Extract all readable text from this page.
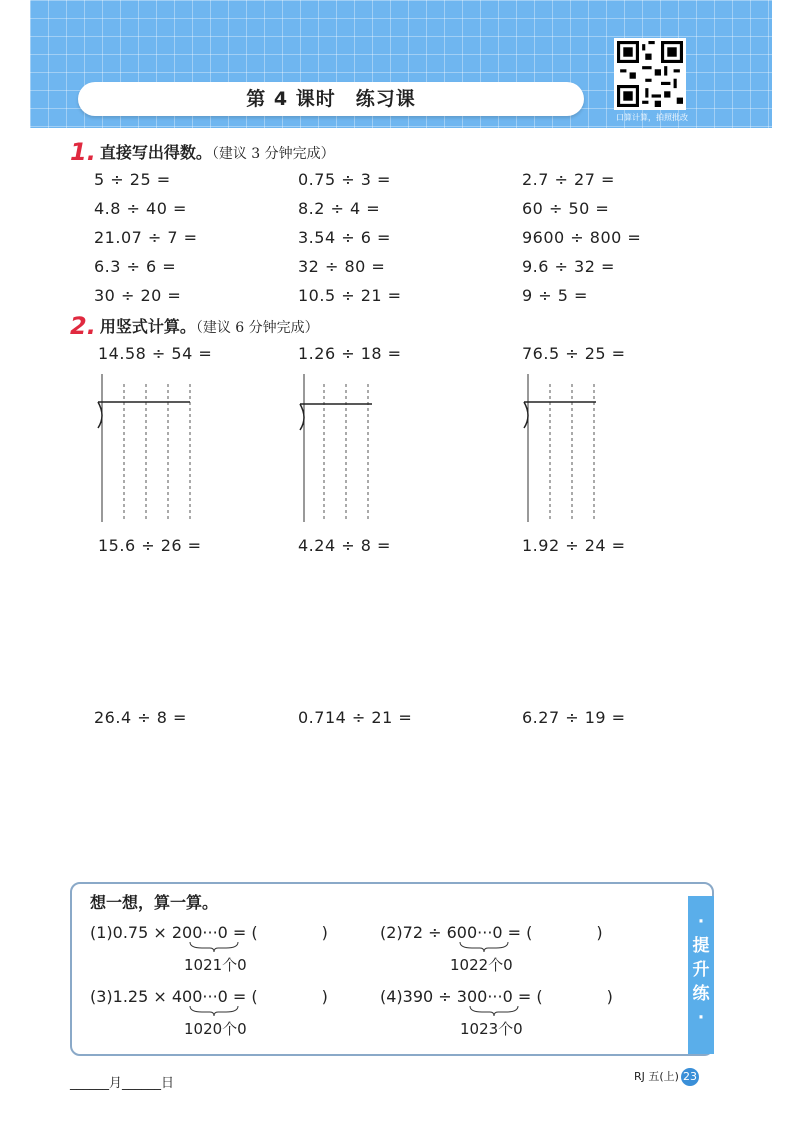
第 4 课时　练习课
口算计算，拍照批改
1. 直接写出得数。（建议 3 分钟完成）
5 ÷ 25 =	0.75 ÷ 3 =	2.7 ÷ 27 =
4.8 ÷ 40 =	8.2 ÷ 4 =	60 ÷ 50 =
21.07 ÷ 7 =	3.54 ÷ 6 =	9600 ÷ 800 =
6.3 ÷ 6 =	32 ÷ 80 =	9.6 ÷ 32 =
30 ÷ 20 =	10.5 ÷ 21 =	9 ÷ 5 =
2. 用竖式计算。（建议 6 分钟完成）
14.58 ÷ 54 =	1.26 ÷ 18 =	76.5 ÷ 25 =
15.6 ÷ 26 =	4.24 ÷ 8 =	1.92 ÷ 24 =
26.4 ÷ 8 =	0.714 ÷ 21 =	6.27 ÷ 19 =
想一想，算一算。
(1)0.75 × 200···0 = (　　　　)
1021个0
(2)72 ÷ 600···0 = (　　　　)
1022个0
(3)1.25 × 400···0 = (　　　　)
1020个0
(4)390 ÷ 300···0 = (　　　　)
1023个0
·
提
升
练
·
______月______日	RJ 五(上) 23
